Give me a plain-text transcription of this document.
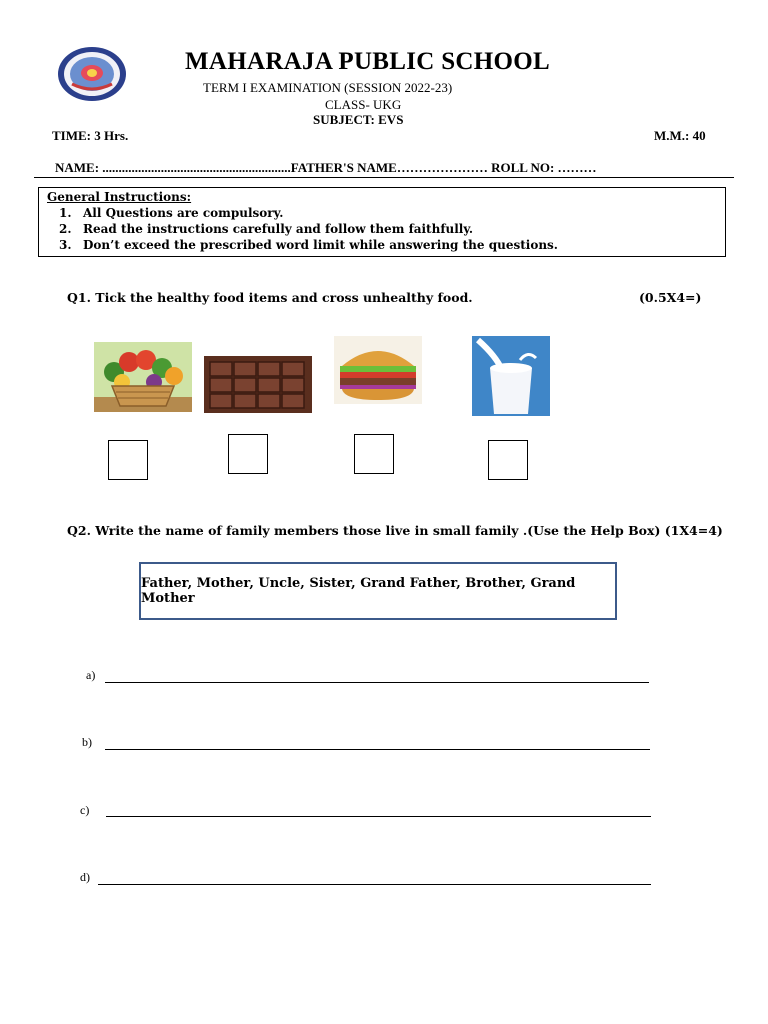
MAHARAJA PUBLIC SCHOOL
TERM I EXAMINATION (SESSION 2022-23)
CLASS- UKG
SUBJECT: EVS
TIME: 3 Hrs.	M.M.: 40
NAME: ..........................................................FATHER'S NAME………………… ROLL NO: ………
General Instructions:
1. All Questions are compulsory.
2. Read the instructions carefully and follow them faithfully.
3. Don’t exceed the prescribed word limit while answering the questions.
Q1. Tick the healthy food items and cross unhealthy food.	(0.5X4=)
Q2. Write the name of family members those live in small family .(Use the Help Box) (1X4=4)
Father, Mother, Uncle, Sister, Grand Father, Brother, Grand Mother
a)
b)
c)
d)
